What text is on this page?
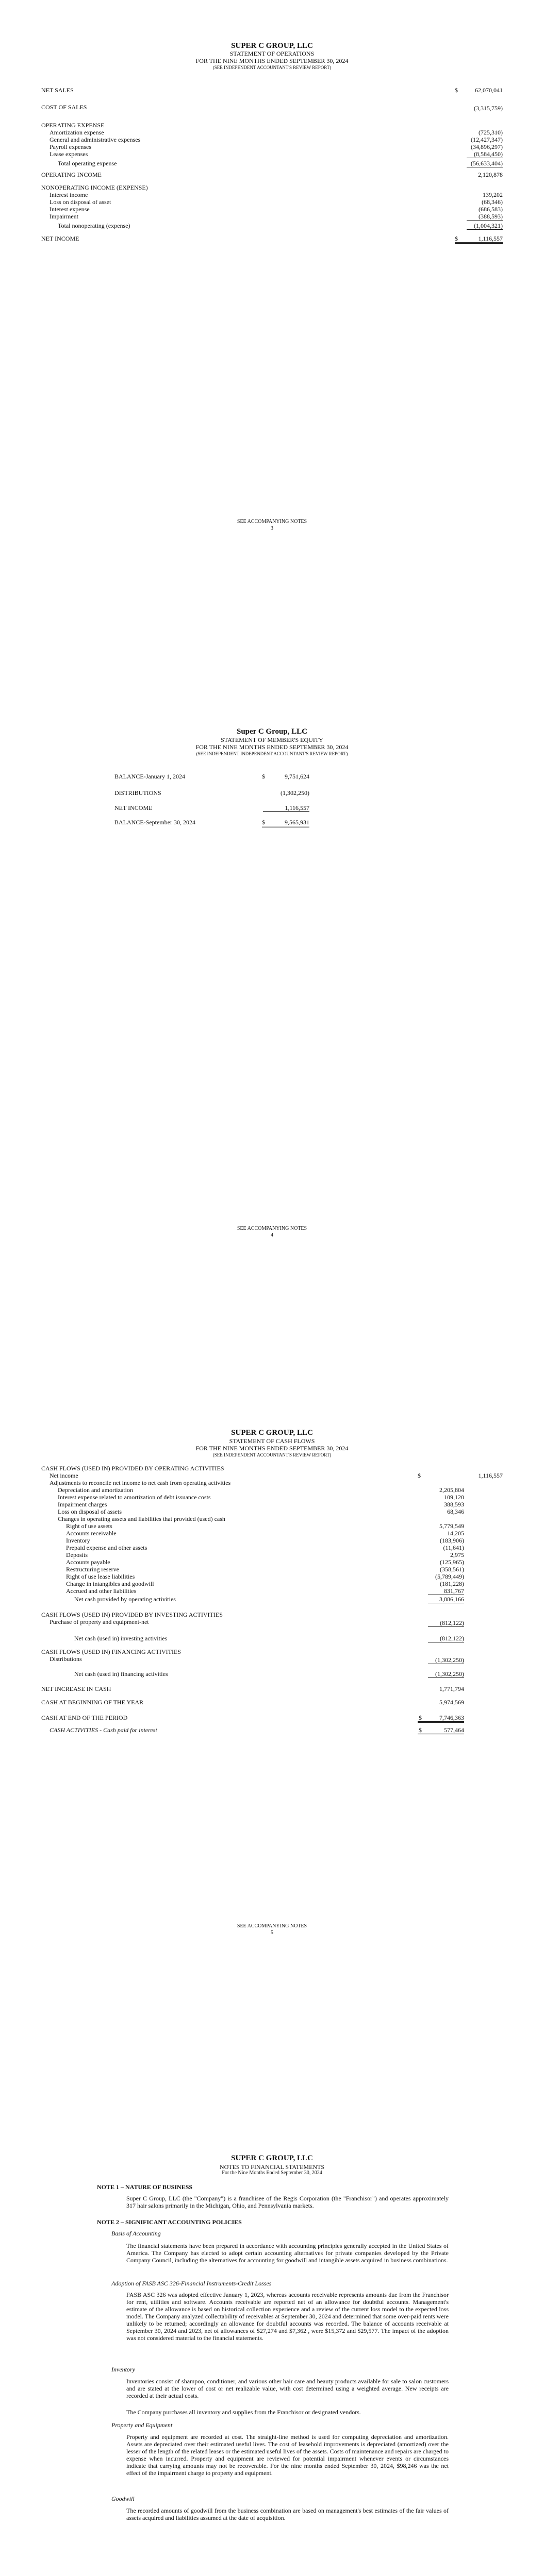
SUPER C GROUP, LLC
STATEMENT OF OPERATIONS
FOR THE NINE MONTHS ENDED SEPTEMBER 30, 2024
(SEE INDEPENDENT ACCOUNTANT'S REVIEW REPORT)
NET SALES	$	62,070,041
COST OF SALES	(3,315,759)
OPERATING EXPENSE
Amortization expense	(725,310)
General and administrative expenses	(12,427,347)
Payroll expenses	(34,896,297)
Lease expenses	(8,584,450)
Total operating expense	(56,633,404)
OPERATING INCOME	2,120,878
NONOPERATING INCOME (EXPENSE)
Interest income	139,202
Loss on disposal of asset	(68,346)
Interest expense	(686,583)
Impairment	(388,593)
Total nonoperating (expense)	(1,004,321)
NET INCOME	$	1,116,557
SEE ACCOMPANYING NOTES
3
Super C Group, LLC
STATEMENT OF MEMBER'S EQUITY
FOR THE NINE MONTHS ENDED SEPTEMBER 30, 2024
(SEE INDEPENDENT INDEPENDENT ACCOUNTANT'S REVIEW REPORT)
BALANCE-January 1, 2024	$	9,751,624
DISTRIBUTIONS	(1,302,250)
NET INCOME	1,116,557
BALANCE-September 30, 2024	$	9,565,931
SEE ACCOMPANYING NOTES
4
SUPER C GROUP, LLC
STATEMENT OF CASH FLOWS
FOR THE NINE MONTHS ENDED SEPTEMBER 30, 2024
(SEE INDEPENDENT ACCOUNTANT'S REVIEW REPORT)
CASH FLOWS (USED IN) PROVIDED BY OPERATING ACTIVITIES
Net income	$	1,116,557
Adjustments to reconcile net income to net cash from operating activities
Depreciation and amortization	2,205,804
Interest expense related to amortization of debt issuance costs	109,120
Impairment charges	388,593
Loss on disposal of assets	68,346
Changes in operating assets and liabilities that provided (used) cash
Right of use assets	5,779,549
Accounts receivable	14,205
Inventory	(183,906)
Prepaid expense and other assets	(11,641)
Deposits	2,975
Accounts payable	(125,965)
Restructuring reserve	(358,561)
Right of use lease liabilities	(5,789,449)
Change in intangibles and goodwill	(181,228)
Accrued and other liabilities	831,767
Net cash provided by operating activities	3,886,166
CASH FLOWS (USED IN) PROVIDED BY INVESTING ACTIVITIES
Purchase of property and equipment-net	(812,122)
Net cash (used in) investing activities	(812,122)
CASH FLOWS (USED IN) FINANCING ACTIVITIES
Distributions	(1,302,250)
Net cash (used in) financing activities	(1,302,250)
NET INCREASE IN CASH	1,771,794
CASH AT BEGINNING OF THE YEAR	5,974,569
CASH AT END OF THE PERIOD	$	7,746,363
CASH ACTIVITIES - Cash paid for interest	$	577,464
SEE ACCOMPANYING NOTES
5
SUPER C GROUP, LLC
NOTES TO FINANCIAL STATEMENTS
For the Nine Months Ended September 30, 2024
NOTE 1 – NATURE OF BUSINESS
Super C Group, LLC (the "Company") is a franchisee of the Regis Corporation (the "Franchisor") and operates approximately 317 hair salons primarily in the Michigan, Ohio, and Pennsylvania markets.
NOTE 2 – SIGNIFICANT ACCOUNTING POLICIES
Basis of Accounting
The financial statements have been prepared in accordance with accounting principles generally accepted in the United States of America. The Company has elected to adopt certain accounting alternatives for private companies developed by the Private Company Council, including the alternatives for accounting for goodwill and intangible assets acquired in business combinations.
Adoption of FASB ASC 326-Financial Instruments-Credit Losses
FASB ASC 326 was adopted effective January 1, 2023, whereas accounts receivable represents amounts due from the Franchisor for rent, utilities and software. Accounts receivable are reported net of an allowance for doubtful accounts. Management's estimate of the allowance is based on historical collection experience and a review of the current loss model to the expected loss model. The Company analyzed collectability of receivables at September 30, 2024 and determined that some over-paid rents were unlikely to be returned; accordingly an allowance for doubtful accounts was recorded. The balance of accounts receivable at September 30, 2024 and 2023, net of allowances of $27,274 and $7,362 , were $15,372 and $29,577. The impact of the adoption was not considered material to the financial statements.
Inventory
Inventories consist of shampoo, conditioner, and various other hair care and beauty products available for sale to salon customers and are stated at the lower of cost or net realizable value, with cost determined using a weighted average. New receipts are recorded at their actual costs.
The Company purchases all inventory and supplies from the Franchisor or designated vendors.
Property and Equipment
Property and equipment are recorded at cost. The straight-line method is used for computing depreciation and amortization. Assets are depreciated over their estimated useful lives. The cost of leasehold improvements is depreciated (amortized) over the lesser of the length of the related leases or the estimated useful lives of the assets. Costs of maintenance and repairs are charged to expense when incurred. Property and equipment are reviewed for potential impairment whenever events or circumstances indicate that carrying amounts may not be recoverable. For the nine months ended September 30, 2024, $98,246 was the net effect of the impairment charge to property and equipment.
Goodwill
The recorded amounts of goodwill from the business combination are based on management's best estimates of the fair values of assets acquired and liabilities assumed at the date of acquisition.
